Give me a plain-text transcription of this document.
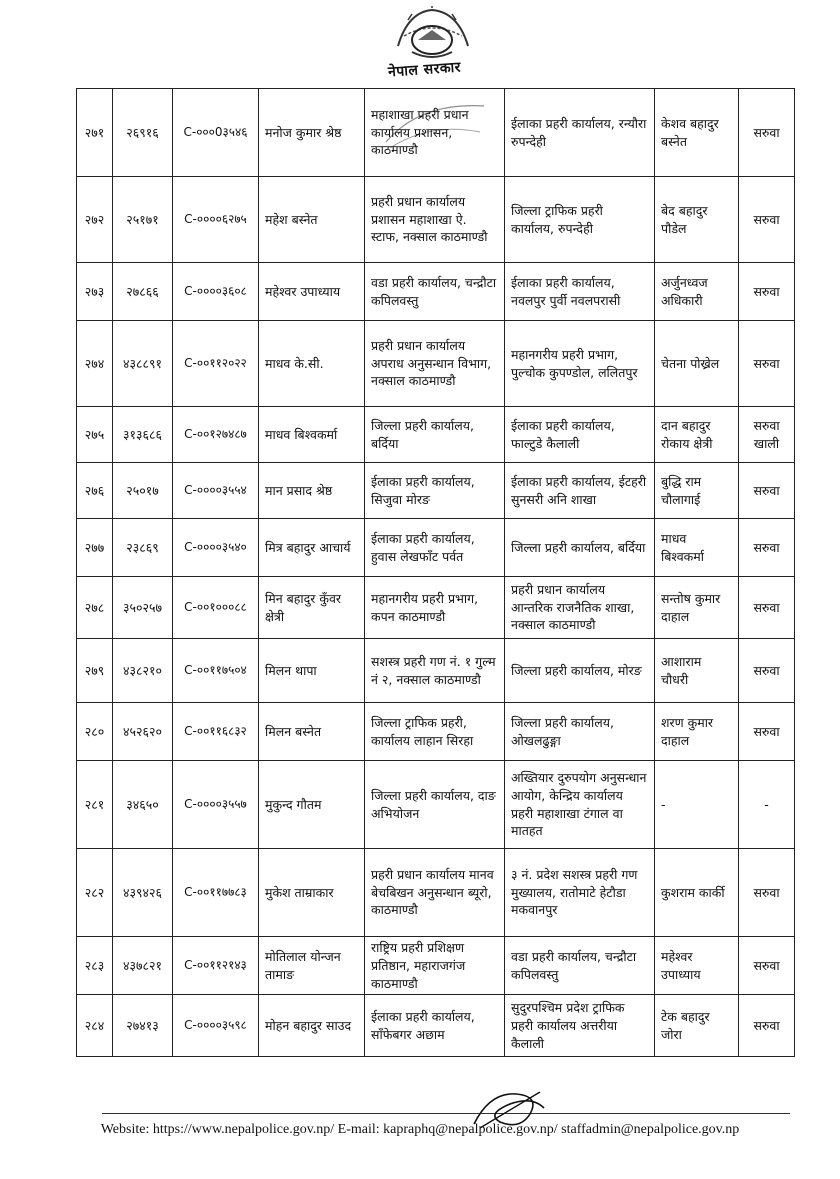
नेपाल सरकार
२७१	२६९१६	C-०००0३५४६	मनोज कुमार श्रेष्ठ	महाशाखा प्रहरी प्रधान कार्यालय प्रशासन, काठमाण्डौ	ईलाका प्रहरी कार्यालय, रन्यौरा रुपन्देही	केशव बहादुर बस्नेत	सरुवा
२७२	२५१७१	C-००००६२७५	महेश बस्नेत	प्रहरी प्रधान कार्यालय प्रशासन महाशाखा ऐ. स्टाफ, नक्साल काठमाण्डौ	जिल्ला ट्राफिक प्रहरी कार्यालय, रुपन्देही	बेद बहादुर पौडेल	सरुवा
२७३	२७८६६	C-००००३६०८	महेश्वर उपाध्याय	वडा प्रहरी कार्यालय, चन्द्रौटा कपिलवस्तु	ईलाका प्रहरी कार्यालय, नवलपुर पुर्वी नवलपरासी	अर्जुनध्वज अधिकारी	सरुवा
२७४	४३८८९१	C-००११२०२२	माधव के.सी.	प्रहरी प्रधान कार्यालय अपराध अनुसन्धान विभाग, नक्साल काठमाण्डौ	महानगरीय प्रहरी प्रभाग, पुल्चोक कुपण्डोल, ललितपुर	चेतना पोख्रेल	सरुवा
२७५	३१३६८६	C-००१२७४८७	माधव बिश्वकर्मा	जिल्ला प्रहरी कार्यालय, बर्दिया	ईलाका प्रहरी कार्यालय, फाल्टुडे कैलाली	दान बहादुर रोकाय क्षेत्री	सरुवा खाली
२७६	२५०१७	C-००००३५५४	मान प्रसाद श्रेष्ठ	ईलाका प्रहरी कार्यालय, सिजुवा मोरङ	ईलाका प्रहरी कार्यालय, ईटहरी सुनसरी अनि शाखा	बुद्धि राम चौलागाई	सरुवा
२७७	२३८६९	C-००००३५४०	मित्र बहादुर आचार्य	ईलाका प्रहरी कार्यालय, हुवास लेखफाँट पर्वत	जिल्ला प्रहरी कार्यालय, बर्दिया	माधव बिश्वकर्मा	सरुवा
२७८	३५०२५७	C-००१०००८८	मिन बहादुर कुँवर क्षेत्री	महानगरीय प्रहरी प्रभाग, कपन काठमाण्डौ	प्रहरी प्रधान कार्यालय आन्तरिक राजनैतिक शाखा, नक्साल काठमाण्डौ	सन्तोष कुमार दाहाल	सरुवा
२७९	४३८२१०	C-००११७५०४	मिलन थापा	सशस्त्र प्रहरी गण नं. १ गुल्म नं २, नक्साल काठमाण्डौ	जिल्ला प्रहरी कार्यालय, मोरङ	आशाराम चौधरी	सरुवा
२८०	४५२६२०	C-००११६८३२	मिलन बस्नेत	जिल्ला ट्राफिक प्रहरी, कार्यालय लाहान सिरहा	जिल्ला प्रहरी कार्यालय, ओखलढुङ्गा	शरण कुमार दाहाल	सरुवा
२८१	३४६५०	C-००००३५५७	मुकुन्द गौतम	जिल्ला प्रहरी कार्यालय, दाङ अभियोजन	अख्तियार दुरुपयोग अनुसन्धान आयोग, केन्द्रिय कार्यालय प्रहरी महाशाखा टंगाल वा मातहत	-	-
२८२	४३९४२६	C-००११७७८३	मुकेश ताम्राकार	प्रहरी प्रधान कार्यालय मानव बेचबिखन अनुसन्धान ब्यूरो, काठमाण्डौ	३ नं. प्रदेश सशस्त्र प्रहरी गण मुख्यालय, रातोमाटे हेटौडा मकवानपुर	कुशराम कार्की	सरुवा
२८३	४३७८२१	C-००११२१४३	मोतिलाल योन्जन तामाङ	राष्ट्रिय प्रहरी प्रशिक्षण प्रतिष्ठान, महाराजगंज काठमाण्डौ	वडा प्रहरी कार्यालय, चन्द्रौटा कपिलवस्तु	महेश्वर उपाध्याय	सरुवा
२८४	२७४१३	C-००००३५९८	मोहन बहादुर साउद	ईलाका प्रहरी कार्यालय, साँफेबगर अछाम	सुदुरपश्चिम प्रदेश ट्राफिक प्रहरी कार्यालय अत्तरीया कैलाली	टेक बहादुर जोरा	सरुवा
Website: https://www.nepalpolice.gov.np/ E-mail: kapraphq@nepalpolice.gov.np/ staffadmin@nepalpolice.gov.np
